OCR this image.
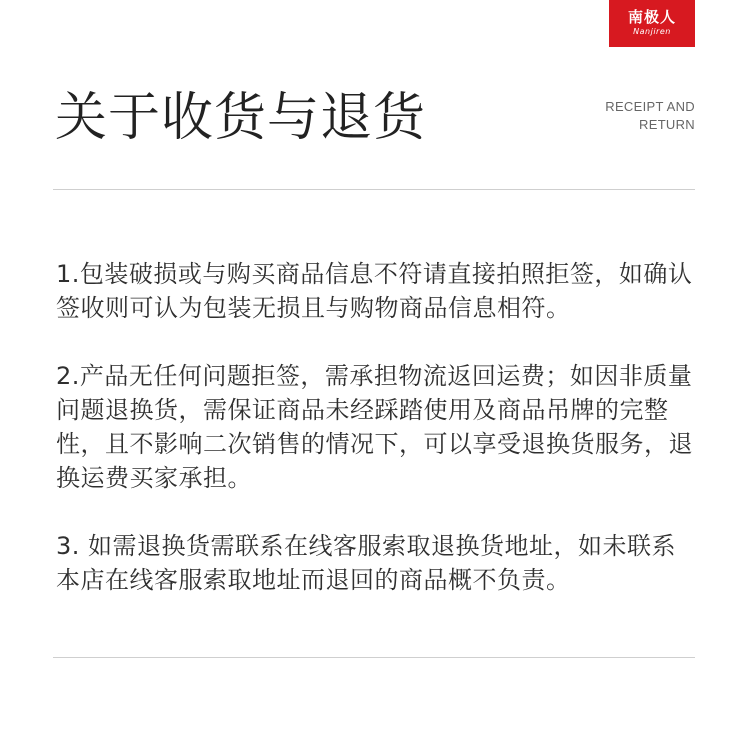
南极人
Nanjiren
关于收货与退货	RECEIPT AND
RETURN

1.包装破损或与购买商品信息不符请直接拍照拒签，如确认签收则可认为包装无损且与购物商品信息相符。

2.产品无任何问题拒签，需承担物流返回运费；如因非质量问题退换货，需保证商品未经踩踏使用及商品吊牌的完整性，且不影响二次销售的情况下，可以享受退换货服务，退换运费买家承担。

3. 如需退换货需联系在线客服索取退换货地址，如未联系本店在线客服索取地址而退回的商品概不负责。
